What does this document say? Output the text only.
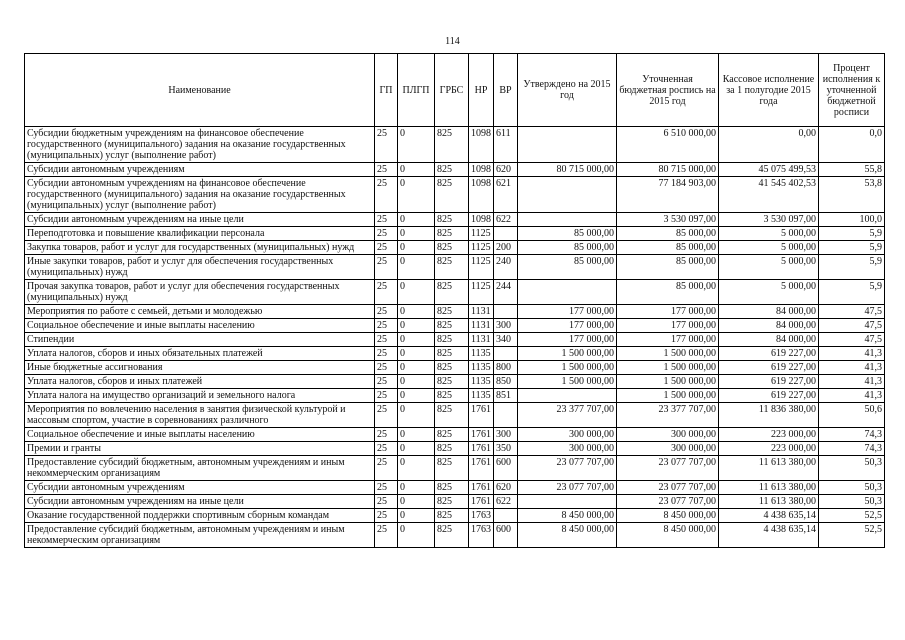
114
Наименование	ГП	ПЛГП	ГРБС	НР	ВР	Утверждено на 2015 год	Уточненная бюджетная роспись на 2015 год	Кассовое исполнение за 1 полугодие 2015 года	Процент исполнения к уточненной бюджетной росписи
Субсидии бюджетным учреждениям на финансовое обеспечение государственного (муниципального) задания на оказание государственных (муниципальных) услуг (выполнение работ)	25	0	825	1098	611		6 510 000,00	0,00	0,0
Субсидии автономным учреждениям	25	0	825	1098	620	80 715 000,00	80 715 000,00	45 075 499,53	55,8
Субсидии автономным учреждениям на финансовое обеспечение государственного (муниципального) задания на оказание государственных (муниципальных) услуг (выполнение работ)	25	0	825	1098	621		77 184 903,00	41 545 402,53	53,8
Субсидии автономным учреждениям на иные цели	25	0	825	1098	622		3 530 097,00	3 530 097,00	100,0
Переподготовка и повышение квалификации персонала	25	0	825	1125		85 000,00	85 000,00	5 000,00	5,9
Закупка товаров, работ и услуг для государственных (муниципальных) нужд	25	0	825	1125	200	85 000,00	85 000,00	5 000,00	5,9
Иные закупки товаров, работ и услуг для обеспечения государственных (муниципальных) нужд	25	0	825	1125	240	85 000,00	85 000,00	5 000,00	5,9
Прочая закупка товаров, работ и услуг для обеспечения государственных (муниципальных) нужд	25	0	825	1125	244		85 000,00	5 000,00	5,9
Мероприятия по работе с семьей, детьми и молодежью	25	0	825	1131		177 000,00	177 000,00	84 000,00	47,5
Социальное обеспечение и иные выплаты населению	25	0	825	1131	300	177 000,00	177 000,00	84 000,00	47,5
Стипендии	25	0	825	1131	340	177 000,00	177 000,00	84 000,00	47,5
Уплата налогов, сборов и иных обязательных платежей	25	0	825	1135		1 500 000,00	1 500 000,00	619 227,00	41,3
Иные бюджетные ассигнования	25	0	825	1135	800	1 500 000,00	1 500 000,00	619 227,00	41,3
Уплата налогов, сборов и иных платежей	25	0	825	1135	850	1 500 000,00	1 500 000,00	619 227,00	41,3
Уплата налога на имущество организаций и земельного налога	25	0	825	1135	851		1 500 000,00	619 227,00	41,3
Мероприятия по вовлечению населения в занятия физической культурой и массовым спортом, участие в соревнованиях различного	25	0	825	1761		23 377 707,00	23 377 707,00	11 836 380,00	50,6
Социальное обеспечение и иные выплаты населению	25	0	825	1761	300	300 000,00	300 000,00	223 000,00	74,3
Премии и гранты	25	0	825	1761	350	300 000,00	300 000,00	223 000,00	74,3
Предоставление субсидий бюджетным, автономным учреждениям и иным некоммерческим организациям	25	0	825	1761	600	23 077 707,00	23 077 707,00	11 613 380,00	50,3
Субсидии автономным учреждениям	25	0	825	1761	620	23 077 707,00	23 077 707,00	11 613 380,00	50,3
Субсидии автономным учреждениям на иные цели	25	0	825	1761	622		23 077 707,00	11 613 380,00	50,3
Оказание государственной поддержки спортивным сборным командам	25	0	825	1763		8 450 000,00	8 450 000,00	4 438 635,14	52,5
Предоставление субсидий бюджетным, автономным учреждениям и иным некоммерческим организациям	25	0	825	1763	600	8 450 000,00	8 450 000,00	4 438 635,14	52,5
